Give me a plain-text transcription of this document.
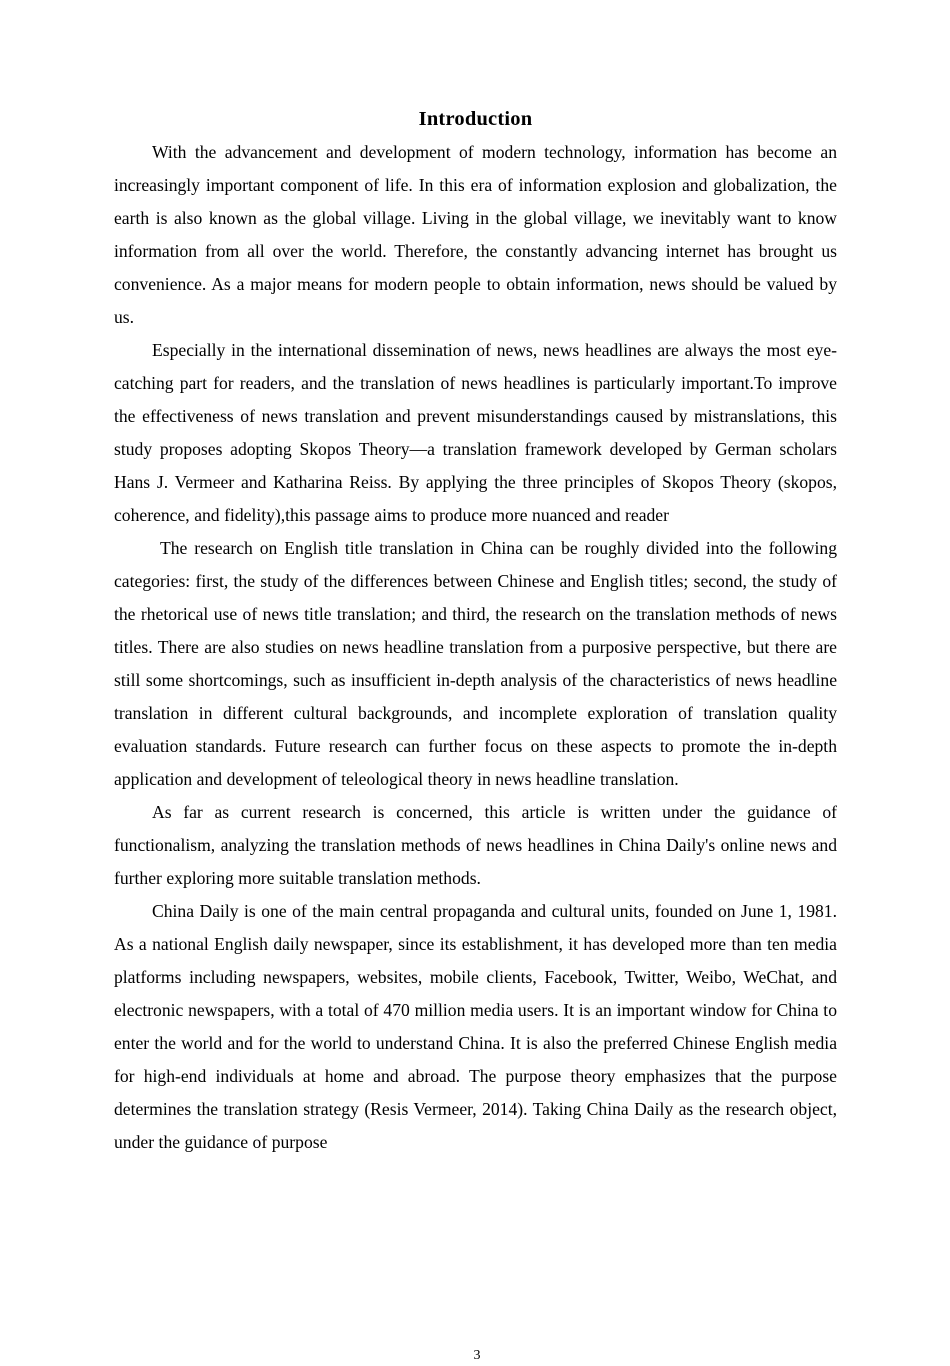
Introduction

With the advancement and development of modern technology, information has become an increasingly important component of life. In this era of information explosion and globalization, the earth is also known as the global village. Living in the global village, we inevitably want to know information from all over the world. Therefore, the constantly advancing internet has brought us convenience. As a major means for modern people to obtain information, news should be valued by us.

Especially in the international dissemination of news, news headlines are always the most eye-catching part for readers, and the translation of news headlines is particularly important.To improve the effectiveness of news translation and prevent misunderstandings caused by mistranslations, this study proposes adopting Skopos Theory—a translation framework developed by German scholars Hans J. Vermeer and Katharina Reiss. By applying the three principles of Skopos Theory (skopos, coherence, and fidelity),this passage aims to produce more nuanced and reader

The research on English title translation in China can be roughly divided into the following categories: first, the study of the differences between Chinese and English titles; second, the study of the rhetorical use of news title translation; and third, the research on the translation methods of news titles. There are also studies on news headline translation from a purposive perspective, but there are still some shortcomings, such as insufficient in-depth analysis of the characteristics of news headline translation in different cultural backgrounds, and incomplete exploration of translation quality evaluation standards. Future research can further focus on these aspects to promote the in-depth application and development of teleological theory in news headline translation.

As far as current research is concerned, this article is written under the guidance of functionalism, analyzing the translation methods of news headlines in China Daily's online news and further exploring more suitable translation methods.

China Daily is one of the main central propaganda and cultural units, founded on June 1, 1981. As a national English daily newspaper, since its establishment, it has developed more than ten media platforms including newspapers, websites, mobile clients, Facebook, Twitter, Weibo, WeChat, and electronic newspapers, with a total of 470 million media users. It is an important window for China to enter the world and for the world to understand China. It is also the preferred Chinese English media for high-end individuals at home and abroad. The purpose theory emphasizes that the purpose determines the translation strategy (Resis Vermeer, 2014). Taking China Daily as the research object, under the guidance of purpose

3
